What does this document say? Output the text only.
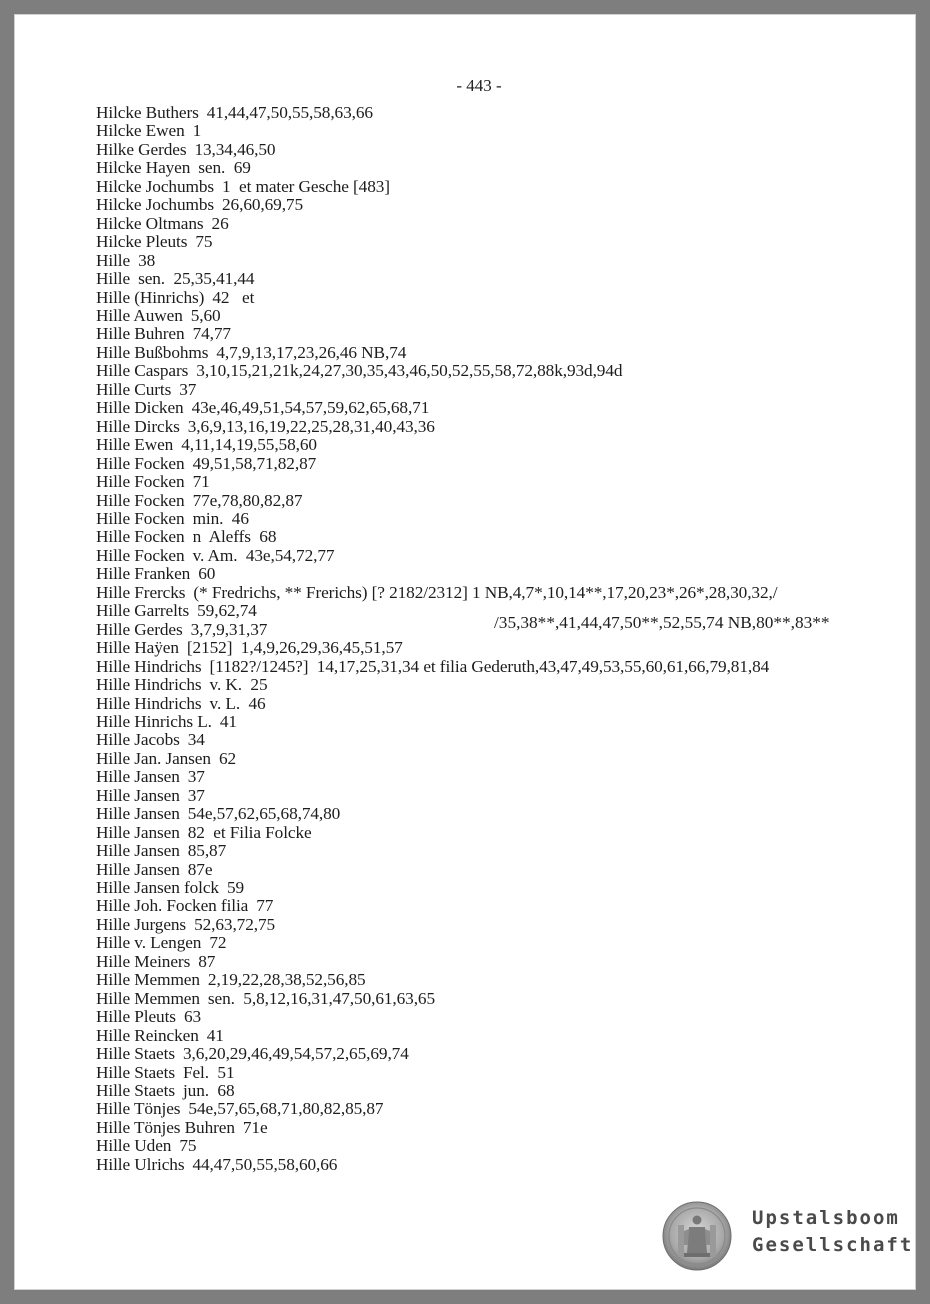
- 443 -
Hilcke Buthers 41,44,47,50,55,58,63,66
Hilcke Ewen 1
Hilke Gerdes 13,34,46,50
Hilcke Hayen sen.  69
Hilcke Jochumbs 1  et mater Gesche [483]
Hilcke Jochumbs 26,60,69,75
Hilcke Oltmans 26
Hilcke Pleuts 75
Hille 38
Hille sen.  25,35,41,44
Hille (Hinrichs) 42   et
Hille Auwen 5,60
Hille Buhren 74,77
Hille Bußbohms 4,7,9,13,17,23,26,46 NB,74
Hille Caspars 3,10,15,21,21k,24,27,30,35,43,46,50,52,55,58,72,88k,93d,94d
Hille Curts 37
Hille Dicken 43e,46,49,51,54,57,59,62,65,68,71
Hille Dircks 3,6,9,13,16,19,22,25,28,31,40,43,36
Hille Ewen 4,11,14,19,55,58,60
Hille Focken 49,51,58,71,82,87
Hille Focken 71
Hille Focken 77e,78,80,82,87
Hille Focken min.  46
Hille Focken n  Aleffs  68
Hille Focken v. Am.  43e,54,72,77
Hille Franken 60
Hille Frercks (* Fredrichs, ** Frerichs) [? 2182/2312] 1 NB,4,7*,10,14**,17,20,23*,26*,28,30,32,/
Hille Garrelts 59,62,74
Hille Gerdes 3,7,9,31,37
Hille Haÿen [2152]  1,4,9,26,29,36,45,51,57
Hille Hindrichs [1182?/1245?]  14,17,25,31,34 et filia Gederuth,43,47,49,53,55,60,61,66,79,81,84
Hille Hindrichs v. K.  25
Hille Hindrichs v. L.  46
Hille Hinrichs L. 41
Hille Jacobs 34
Hille Jan. Jansen 62
Hille Jansen 37
Hille Jansen 37
Hille Jansen 54e,57,62,65,68,74,80
Hille Jansen 82  et Filia Folcke
Hille Jansen 85,87
Hille Jansen 87e
Hille Jansen folck 59
Hille Joh. Focken filia 77
Hille Jurgens 52,63,72,75
Hille v. Lengen 72
Hille Meiners 87
Hille Memmen 2,19,22,28,38,52,56,85
Hille Memmen sen.  5,8,12,16,31,47,50,61,63,65
Hille Pleuts 63
Hille Reincken 41
Hille Staets 3,6,20,29,46,49,54,57,2,65,69,74
Hille Staets Fel.  51
Hille Staets jun.  68
Hille Tönjes 54e,57,65,68,71,80,82,85,87
Hille Tönjes Buhren 71e
Hille Uden 75
Hille Ulrichs 44,47,50,55,58,60,66
/35,38**,41,44,47,50**,52,55,74 NB,80**,83**
Upstalsboom
Gesellschaft
